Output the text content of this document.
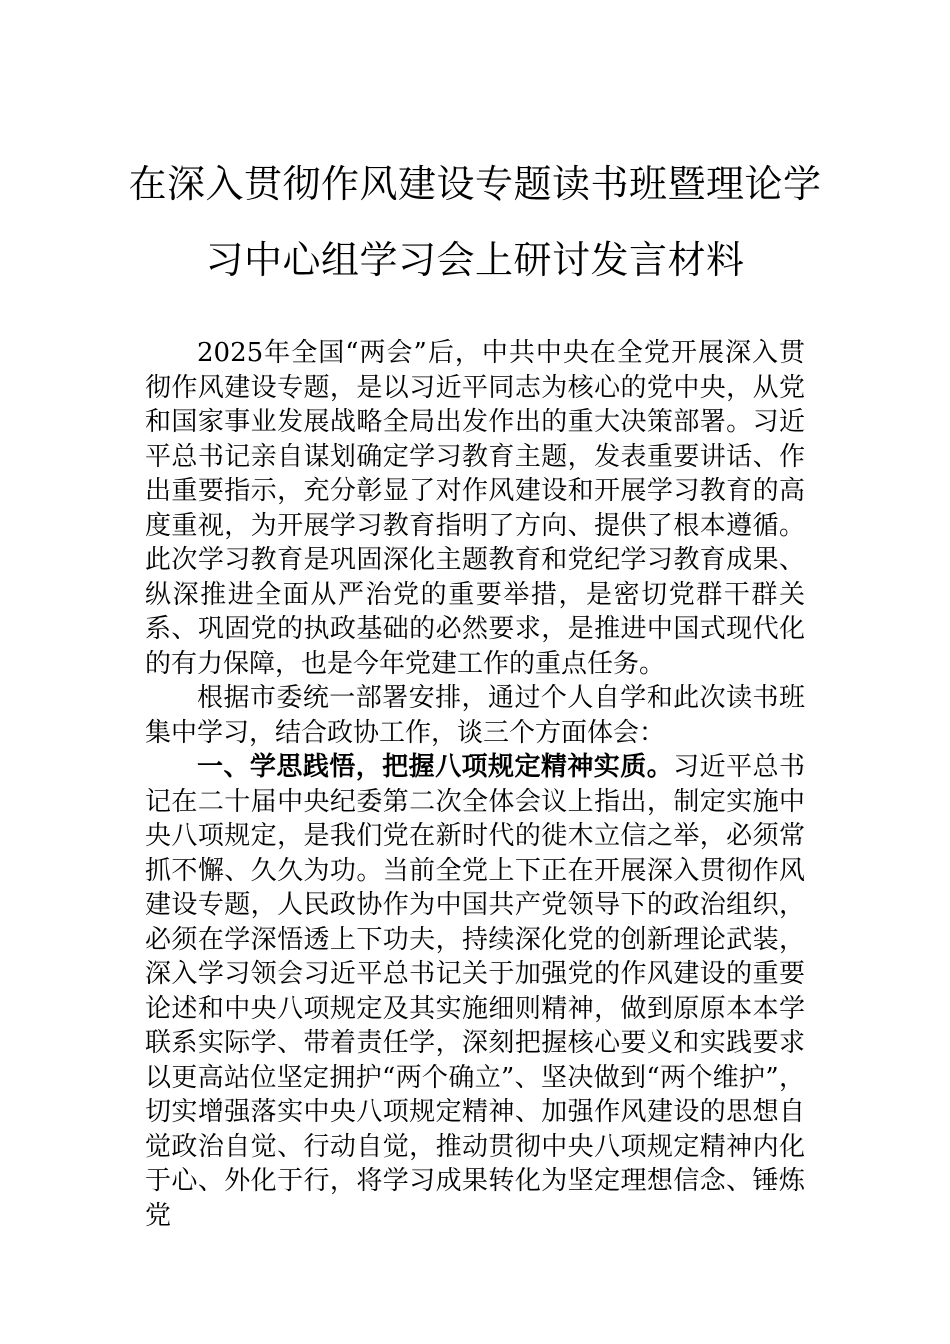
在深入贯彻作风建设专题读书班暨理论学
习中心组学习会上研讨发言材料

2025年全国“两会”后，中共中央在全党开展深入贯彻作风建设专题，是以习近平同志为核心的党中央，从党和国家事业发展战略全局出发作出的重大决策部署。习近平总书记亲自谋划确定学习教育主题，发表重要讲话、作出重要指示，充分彰显了对作风建设和开展学习教育的高度重视，为开展学习教育指明了方向、提供了根本遵循。此次学习教育是巩固深化主题教育和党纪学习教育成果、纵深推进全面从严治党的重要举措，是密切党群干群关系、巩固党的执政基础的必然要求，是推进中国式现代化的有力保障，也是今年党建工作的重点任务。

根据市委统一部署安排，通过个人自学和此次读书班集中学习，结合政协工作，谈三个方面体会：

一、学思践悟，把握八项规定精神实质。习近平总书记在二十届中央纪委第二次全体会议上指出，制定实施中央八项规定，是我们党在新时代的徙木立信之举，必须常抓不懈、久久为功。当前全党上下正在开展深入贯彻作风建设专题，人民政协作为中国共产党领导下的政治组织，必须在学深悟透上下功夫，持续深化党的创新理论武装，深入学习领会习近平总书记关于加强党的作风建设的重要论述和中央八项规定及其实施细则精神，做到原原本本学联系实际学、带着责任学，深刻把握核心要义和实践要求以更高站位坚定拥护“两个确立”、坚决做到“两个维护”，切实增强落实中央八项规定精神、加强作风建设的思想自觉政治自觉、行动自觉，推动贯彻中央八项规定精神内化于心、外化于行，将学习成果转化为坚定理想信念、锤炼党
